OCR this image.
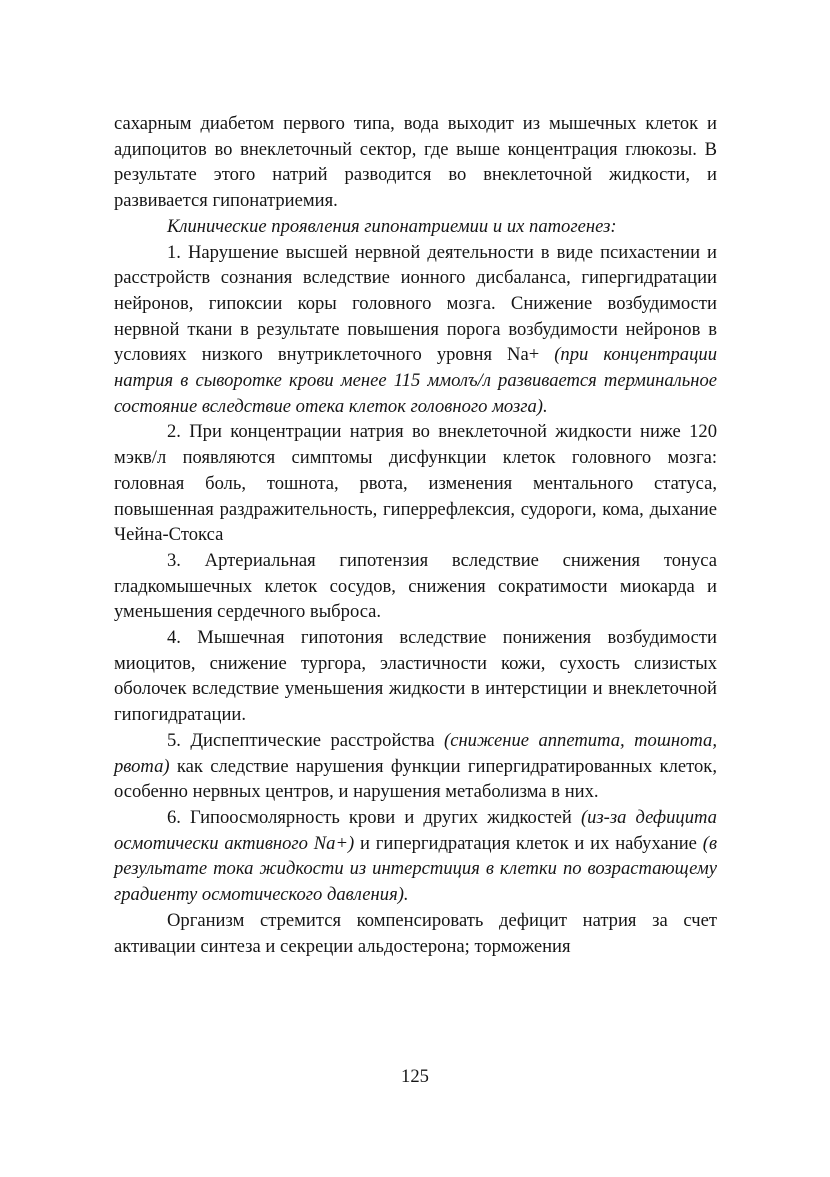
сахарным диабетом первого типа, вода выходит из мышечных клеток и адипоцитов во внеклеточный сектор, где выше концентрация глюкозы. В результате этого натрий разводится во внеклеточной жидкости, и развивается гипонатриемия.

Клинические проявления гипонатриемии и их патогенез:

1. Нарушение высшей нервной деятельности в виде психастении и расстройств сознания вследствие ионного дисбаланса, гипергидратации нейронов, гипоксии коры головного мозга. Снижение возбудимости нервной ткани в результате повышения порога возбудимости нейронов в условиях низкого внутриклеточного уровня Na+ (при концентрации натрия в сыворотке крови менее 115 ммолъ/л развивается терминальное состояние вследствие отека клеток головного мозга).

2. При концентрации натрия во внеклеточной жидкости ниже 120 мэкв/л появляются симптомы дисфункции клеток головного мозга: головная боль, тошнота, рвота, изменения ментального статуса, повышенная раздражительность, гиперрефлексия, судороги, кома, дыхание Чейна-Стокса

3. Артериальная гипотензия вследствие снижения тонуса гладкомышечных клеток сосудов, снижения сократимости миокарда и уменьшения сердечного выброса.

4. Мышечная гипотония вследствие понижения возбудимости миоцитов, снижение тургора, эластичности кожи, сухость слизистых оболочек вследствие уменьшения жидкости в интерстиции и внеклеточной гипогидратации.

5. Диспептические расстройства (снижение аппетита, тошнота, рвота) как следствие нарушения функции гипергидратированных клеток, особенно нервных центров, и нарушения метаболизма в них.

6. Гипоосмолярность крови и других жидкостей (из-за дефицита осмотически активного Na+) и гипергидратация клеток и их набухание (в результате тока жидкости из интерстиция в клетки по возрастающему градиенту осмотического давления).

Организм стремится компенсировать дефицит натрия за счет активации синтеза и секреции альдостерона; торможения

125
